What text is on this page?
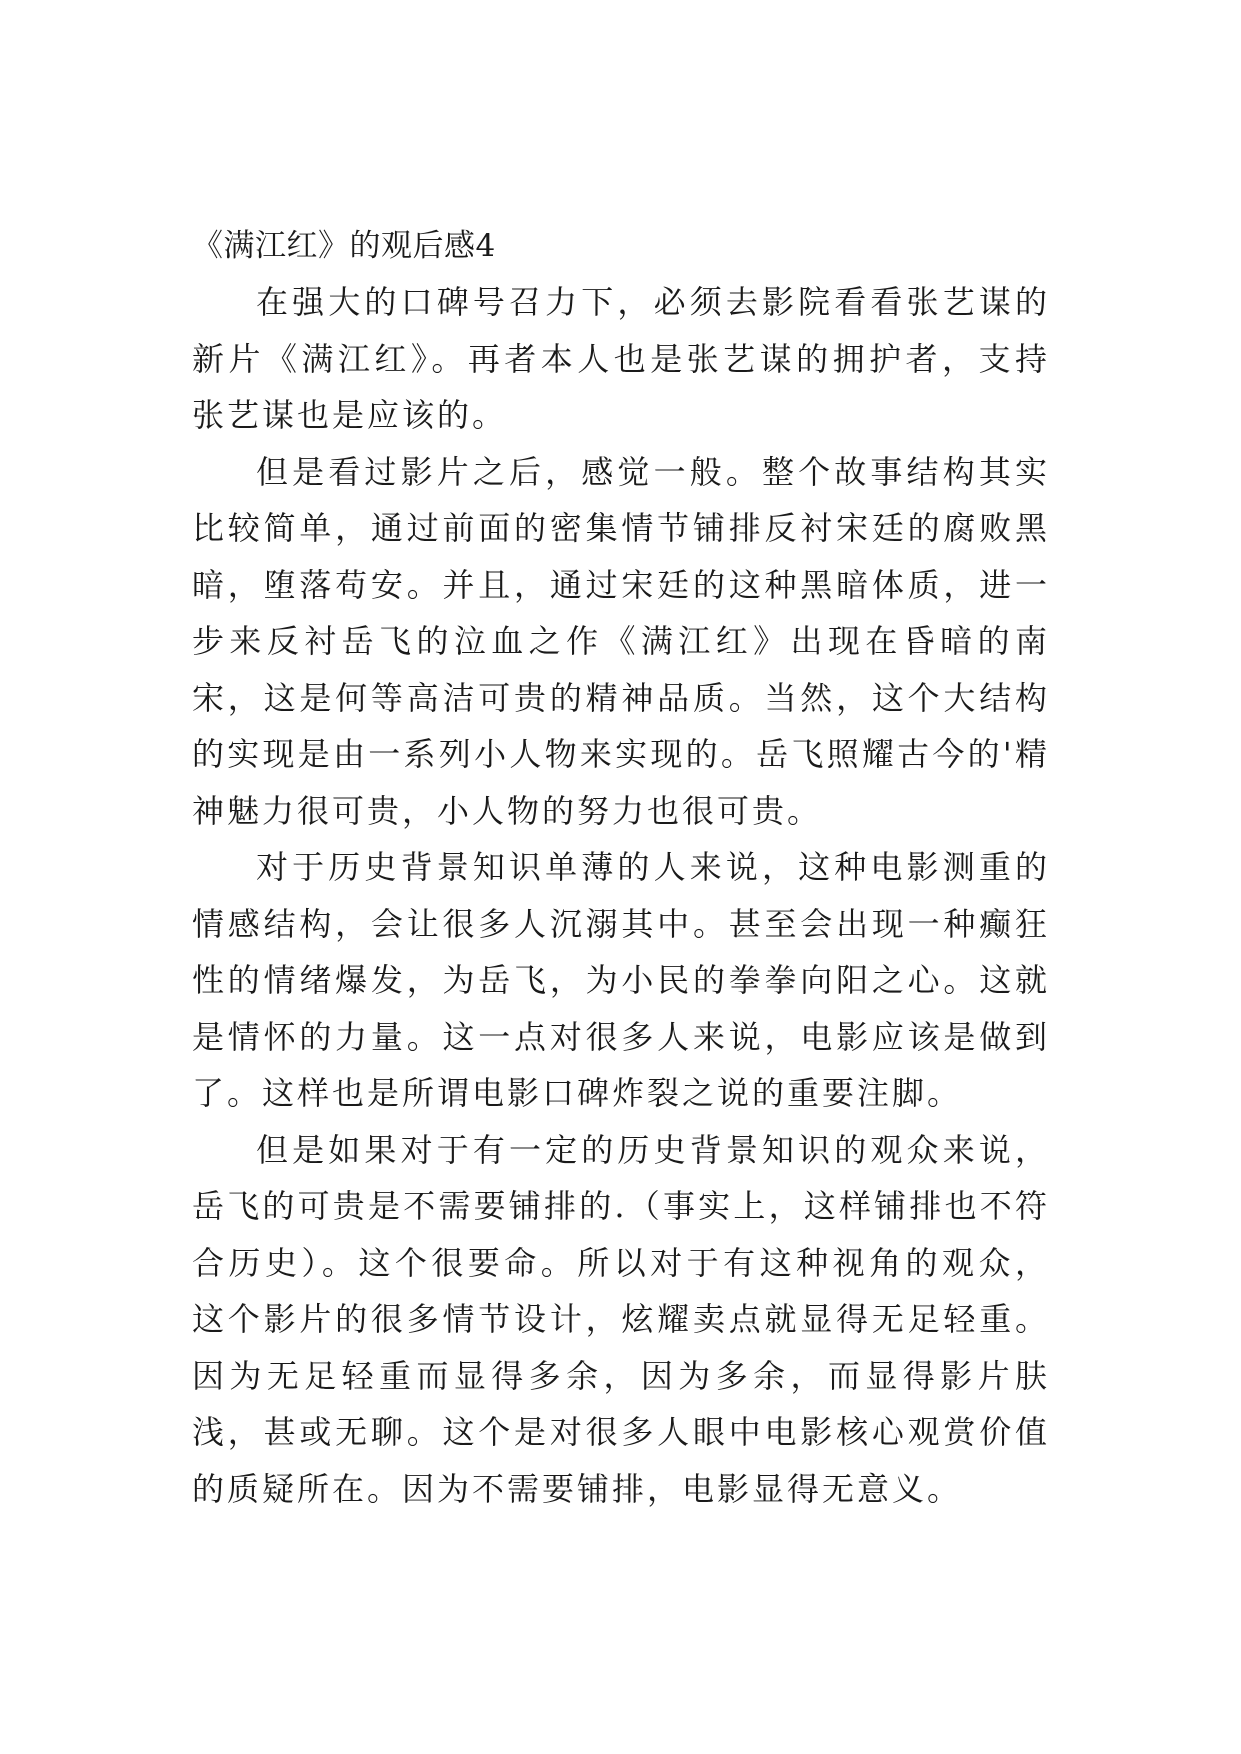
《满江红》的观后感4

在强大的口碑号召力下，必须去影院看看张艺谋的新片《满江红》。再者本人也是张艺谋的拥护者，支持张艺谋也是应该的。

但是看过影片之后，感觉一般。整个故事结构其实比较简单，通过前面的密集情节铺排反衬宋廷的腐败黑暗，堕落苟安。并且，通过宋廷的这种黑暗体质，进一步来反衬岳飞的泣血之作《满江红》出现在昏暗的南宋，这是何等高洁可贵的精神品质。当然，这个大结构的实现是由一系列小人物来实现的。岳飞照耀古今的'精神魅力很可贵，小人物的努力也很可贵。

对于历史背景知识单薄的人来说，这种电影测重的情感结构，会让很多人沉溺其中。甚至会出现一种癫狂性的情绪爆发，为岳飞，为小民的拳拳向阳之心。这就是情怀的力量。这一点对很多人来说，电影应该是做到了。这样也是所谓电影口碑炸裂之说的重要注脚。

但是如果对于有一定的历史背景知识的观众来说，岳飞的可贵是不需要铺排的.（事实上，这样铺排也不符合历史）。这个很要命。所以对于有这种视角的观众，这个影片的很多情节设计，炫耀卖点就显得无足轻重。因为无足轻重而显得多余，因为多余，而显得影片肤浅，甚或无聊。这个是对很多人眼中电影核心观赏价值的质疑所在。因为不需要铺排，电影显得无意义。
